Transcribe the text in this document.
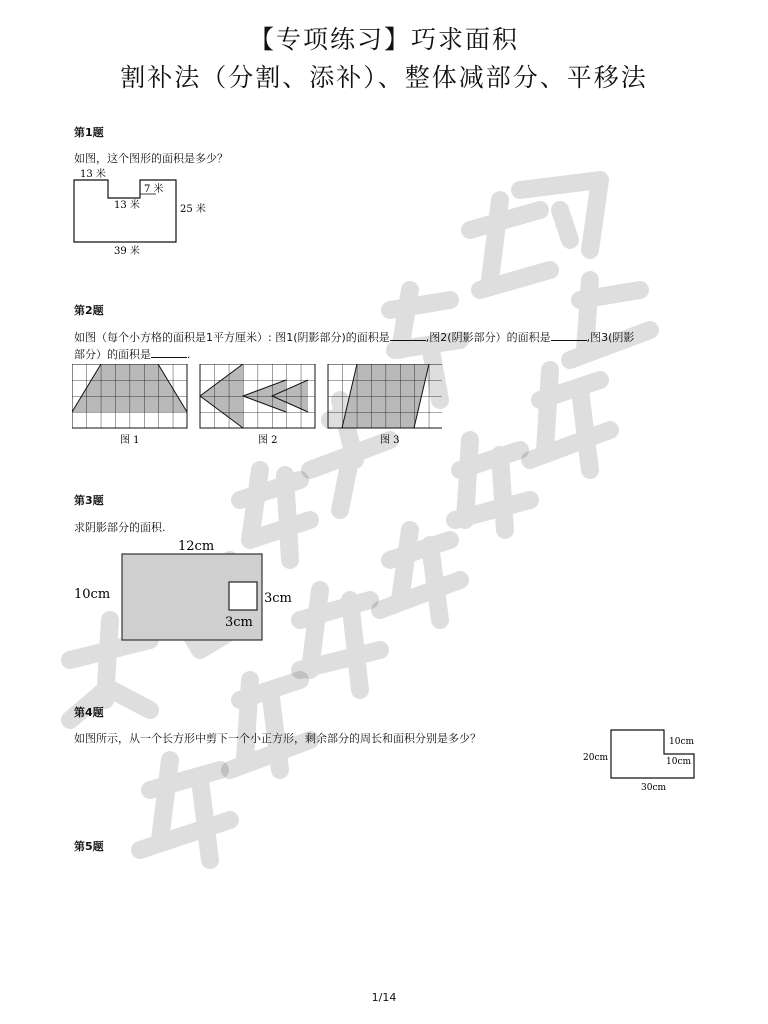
【专项练习】巧求面积
割补法（分割、添补）、整体减部分、平移法
第1题
如图，这个图形的面积是多少？
13 米
7 米
13 米	25 米
39 米
第2题
如图（每个小方格的面积是1平方厘米）: 图1(阴影部分)的面积是	,图2(阴影部分）的面积是	,图3(阴影
部分）的面积是	.
图 1	图 2	图 3
第3题
求阴影部分的面积.
12cm
10cm	3cm
3cm
第4题
如图所示，从一个长方形中剪下一个小正方形，剩余部分的周长和面积分别是多少？	10cm
10cm
20cm
30cm
第5题
1/14
